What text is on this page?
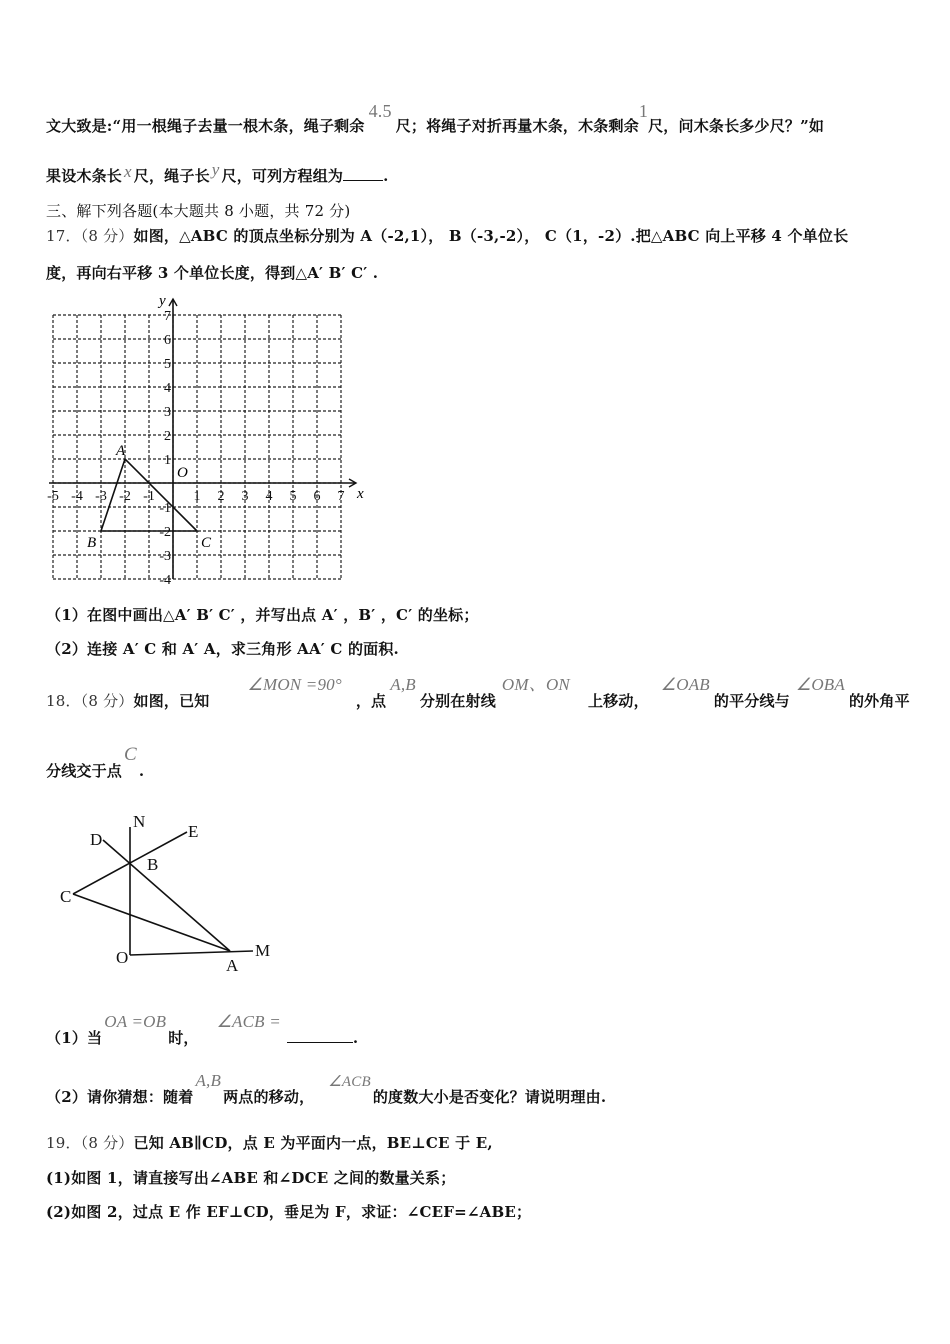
文大致是:“用一根绳子去量一根木条，绳子剩余4.5尺；将绳子对折再量木条，木条剩余1尺，问木条长多少尺？”如
果设木条长 x 尺，绳子长 y 尺，可列方程组为	.
三、解下列各题(本大题共 8 小题，共 72 分)
17．（8 分）如图，△ABC 的顶点坐标分别为 A（-2,1）， B（-3,-2）， C（1，-2）.把△ABC 向上平移 4 个单位长
度，再向右平移 3 个单位长度，得到△A′ B′ C′ .
-5 -4 -3 -2 -1	1 2 3 4 5 6 7
7
6
5
4
3
2
1
-1
-2
-3
-4
x
y
O
A
B	C
（1）在图中画出△A′ B′ C′ ，并写出点 A′ ，B′ ，C′ 的坐标；
（2）连接 A′ C 和 A′ A，求三角形 AA′ C 的面积.
18．（8 分）如图，已知∠MON =90°，点A,B分别在射线OM、ON上移动，∠OAB的平分线与∠OBA的外角平
分线交于点C.
N
E
D
B
C
O	A
M
（1）当OA =OB时，∠ACB =.
（2）请你猜想：随着A,B两点的移动，∠ACB的度数大小是否变化？请说明理由.
19．（8 分）已知 AB∥CD，点 E 为平面内一点，BE⊥CE 于 E,
(1)如图 1，请直接写出∠ABE 和∠DCE 之间的数量关系；
(2)如图 2，过点 E 作 EF⊥CD，垂足为 F，求证：∠CEF=∠ABE；
